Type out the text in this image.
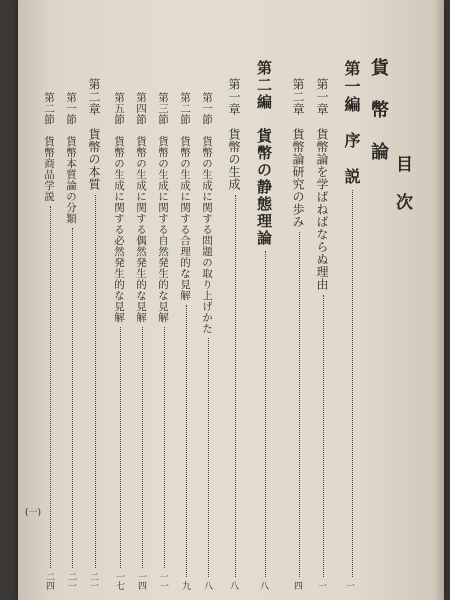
目　次
貨　幣　論
(一)
第一編　序　説
一
第一章　貨幣論を学ばねばならぬ理由
一
第二章　貨幣論研究の歩み
四
第二編　貨幣の静態理論
八
第一章　貨幣の生成
八
第一節　貨幣の生成に関する問題の取り上げかた
八
第二節　貨幣の生成に関する合理的な見解
九
第三節　貨幣の生成に関する自然発生的な見解
一一
第四節　貨幣の生成に関する偶然発生的な見解
一四
第五節　貨幣の生成に関する必然発生的な見解
一七
第二章　貨幣の本質
二一
第一節　貨幣本質論の分類
二一
第二節　貨幣商品学説
二四
